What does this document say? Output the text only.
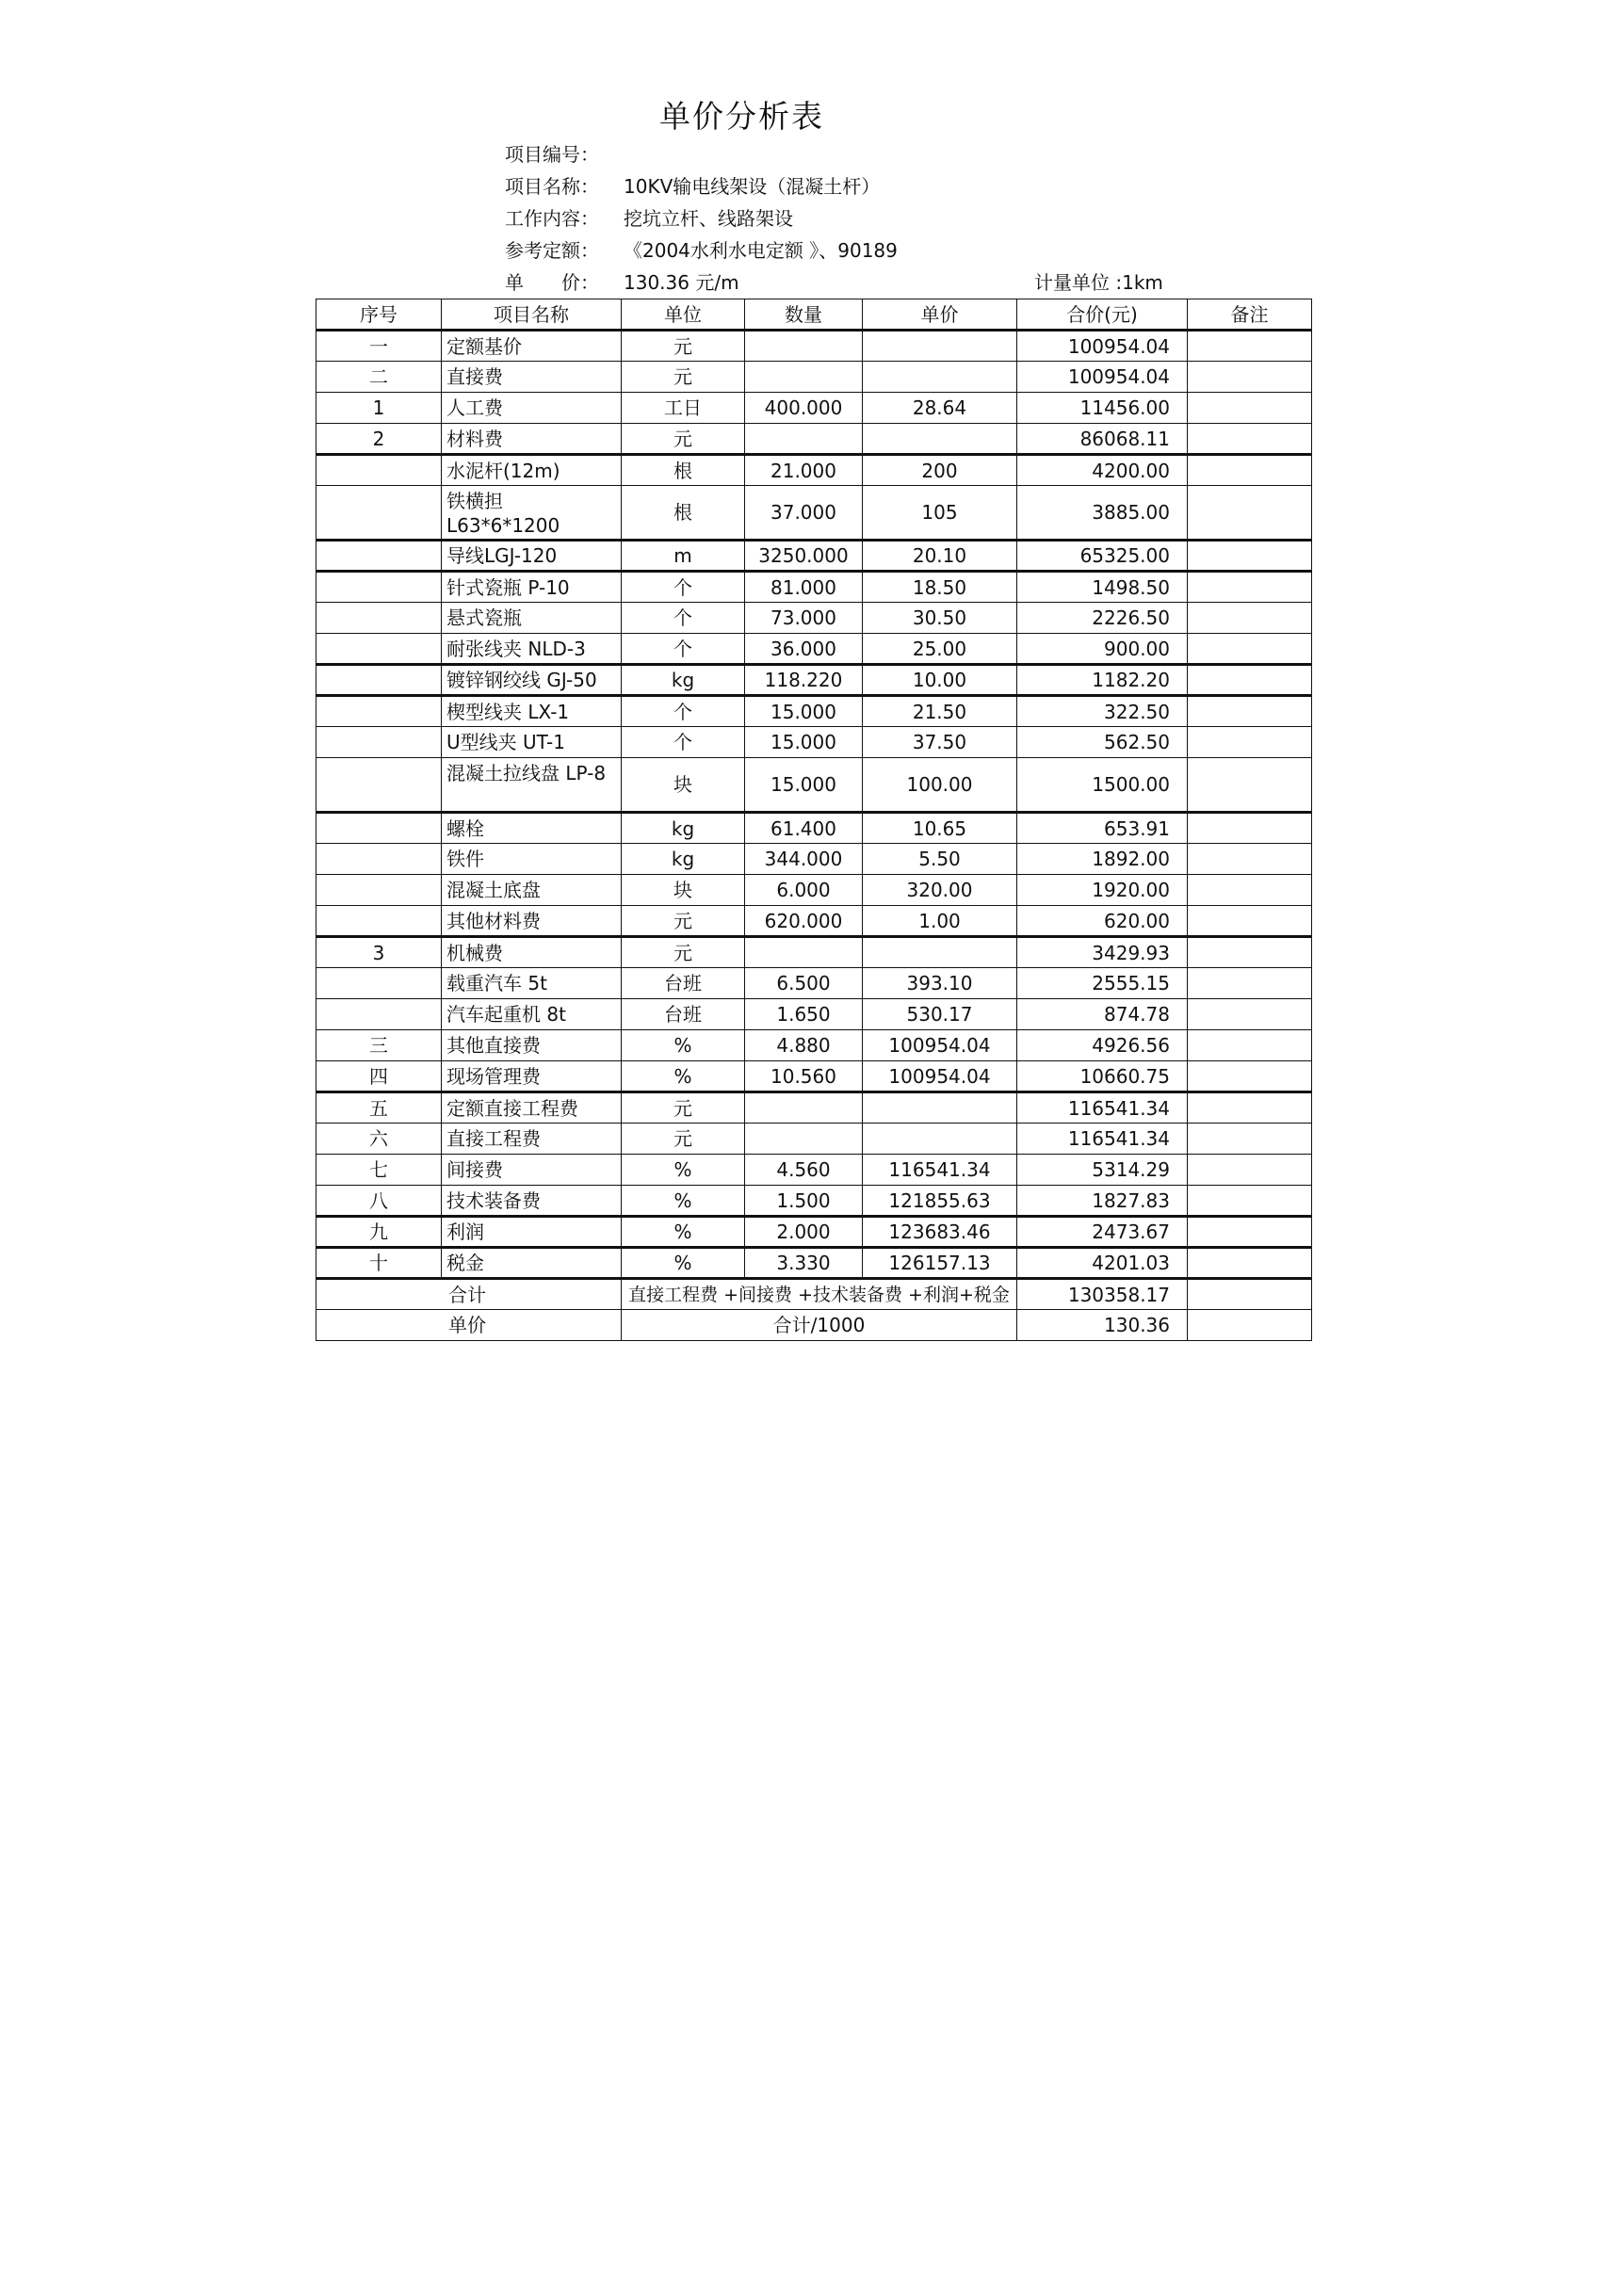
单价分析表
项目编号：
项目名称： 10KV输电线架设（混凝土杆）
工作内容： 挖坑立杆、线路架设
参考定额： 《2004水利水电定额 》、90189
单　　价： 130.36 元/m	计量单位 :1km
序号	项目名称	单位	数量	单价	合价(元)	备注
一	定额基价	元			100954.04	
二	直接费	元			100954.04	
1	人工费	工日	400.000	28.64	11456.00	
2	材料费	元			86068.11	
	水泥杆(12m)	根	21.000	200	4200.00	
	铁横担 L63*6*1200	根	37.000	105	3885.00	
	导线LGJ-120	m	3250.000	20.10	65325.00	
	针式瓷瓶 P-10	个	81.000	18.50	1498.50	
	悬式瓷瓶	个	73.000	30.50	2226.50	
	耐张线夹 NLD-3	个	36.000	25.00	900.00	
	镀锌钢绞线 GJ-50	kg	118.220	10.00	1182.20	
	楔型线夹 LX-1	个	15.000	21.50	322.50	
	U型线夹 UT-1	个	15.000	37.50	562.50	
	混凝土拉线盘 LP-8	块	15.000	100.00	1500.00	
	螺栓	kg	61.400	10.65	653.91	
	铁件	kg	344.000	5.50	1892.00	
	混凝土底盘	块	6.000	320.00	1920.00	
	其他材料费	元	620.000	1.00	620.00	
3	机械费	元			3429.93	
	载重汽车 5t	台班	6.500	393.10	2555.15	
	汽车起重机 8t	台班	1.650	530.17	874.78	
三	其他直接费	%	4.880	100954.04	4926.56	
四	现场管理费	%	10.560	100954.04	10660.75	
五	定额直接工程费	元			116541.34	
六	直接工程费	元			116541.34	
七	间接费	%	4.560	116541.34	5314.29	
八	技术装备费	%	1.500	121855.63	1827.83	
九	利润	%	2.000	123683.46	2473.67	
十	税金	%	3.330	126157.13	4201.03	
合计		直接工程费 +间接费 +技术装备费 +利润+税金			130358.17	
单价		合计/1000			130.36	
